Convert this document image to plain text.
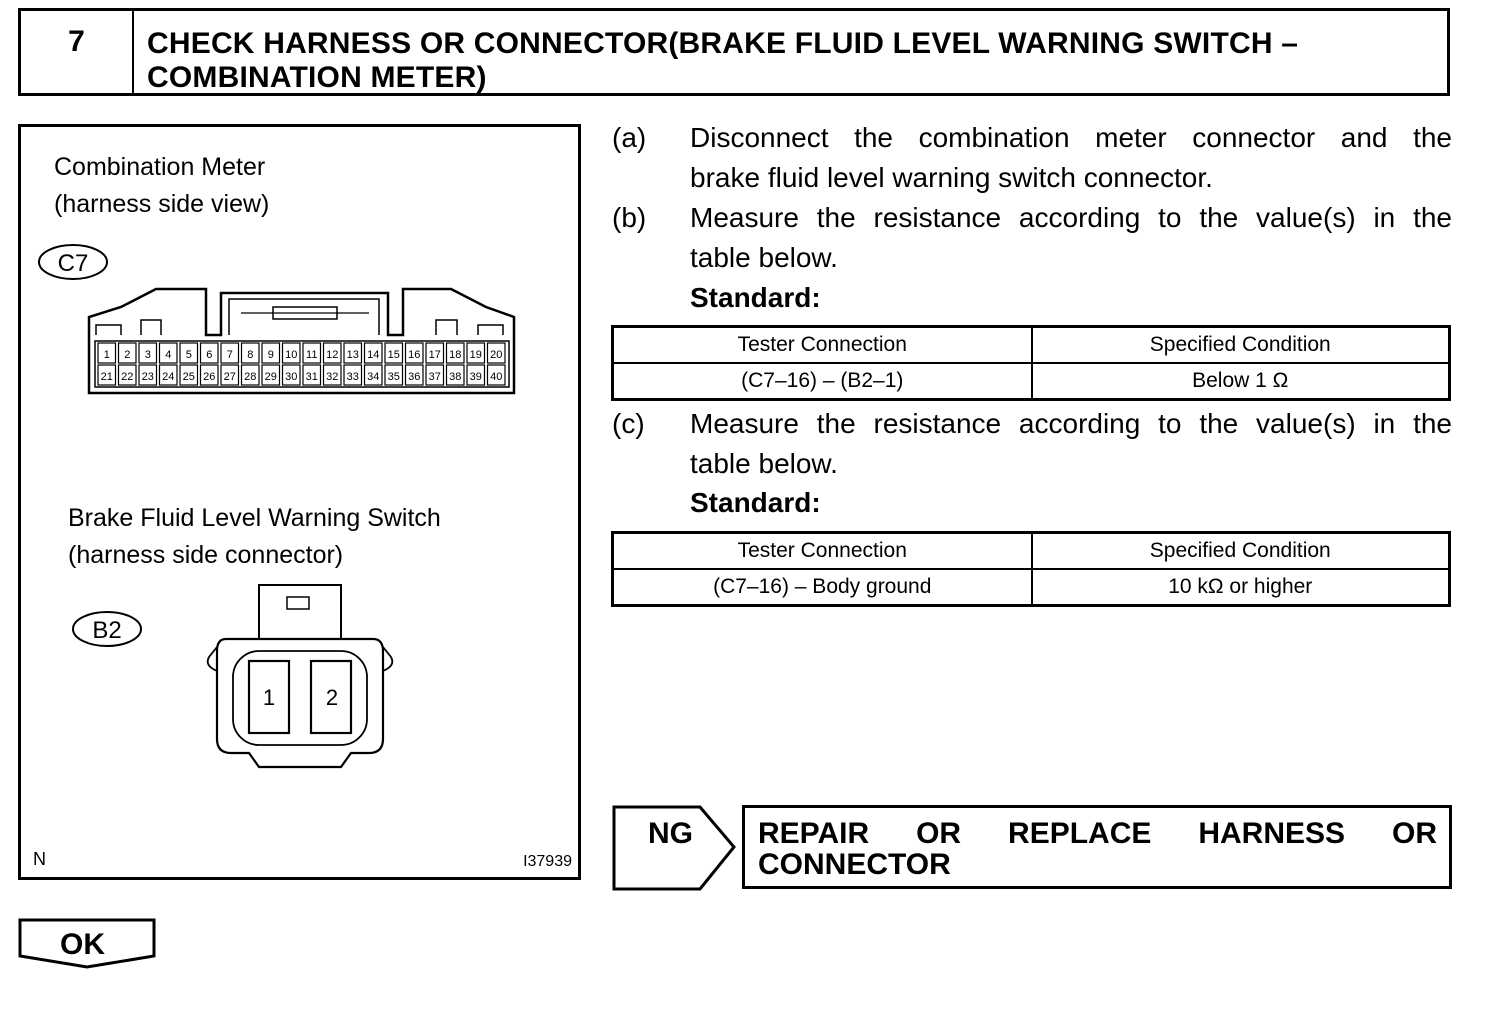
7	CHECK HARNESS OR CONNECTOR(BRAKE FLUID LEVEL WARNING SWITCH –
COMBINATION METER)
C7
1 2 3 4 5 6 7 8 9 10 11 12 13 14 15 16 17 18 19 20
21 22 23 24 25 26 27 28 29 30 31 32 33 34 35 36 37 38 39 40
B2
1 2
Combination Meter
(harness side view)
Brake Fluid Level Warning Switch
(harness side connector)
N	I37939
(a) Disconnect the combination meter connector and the
brake fluid level warning switch connector.
(b) Measure the resistance according to the value(s) in the
table below.
Standard:
Tester Connection	Specified Condition
(C7–16) – (B2–1)	Below 1 Ω
(c) Measure the resistance according to the value(s) in the
table below.
Standard:
Tester Connection	Specified Condition
(C7–16) – Body ground	10 kΩ or higher
NG REPAIR OR REPLACE HARNESS OR
CONNECTOR
OK
